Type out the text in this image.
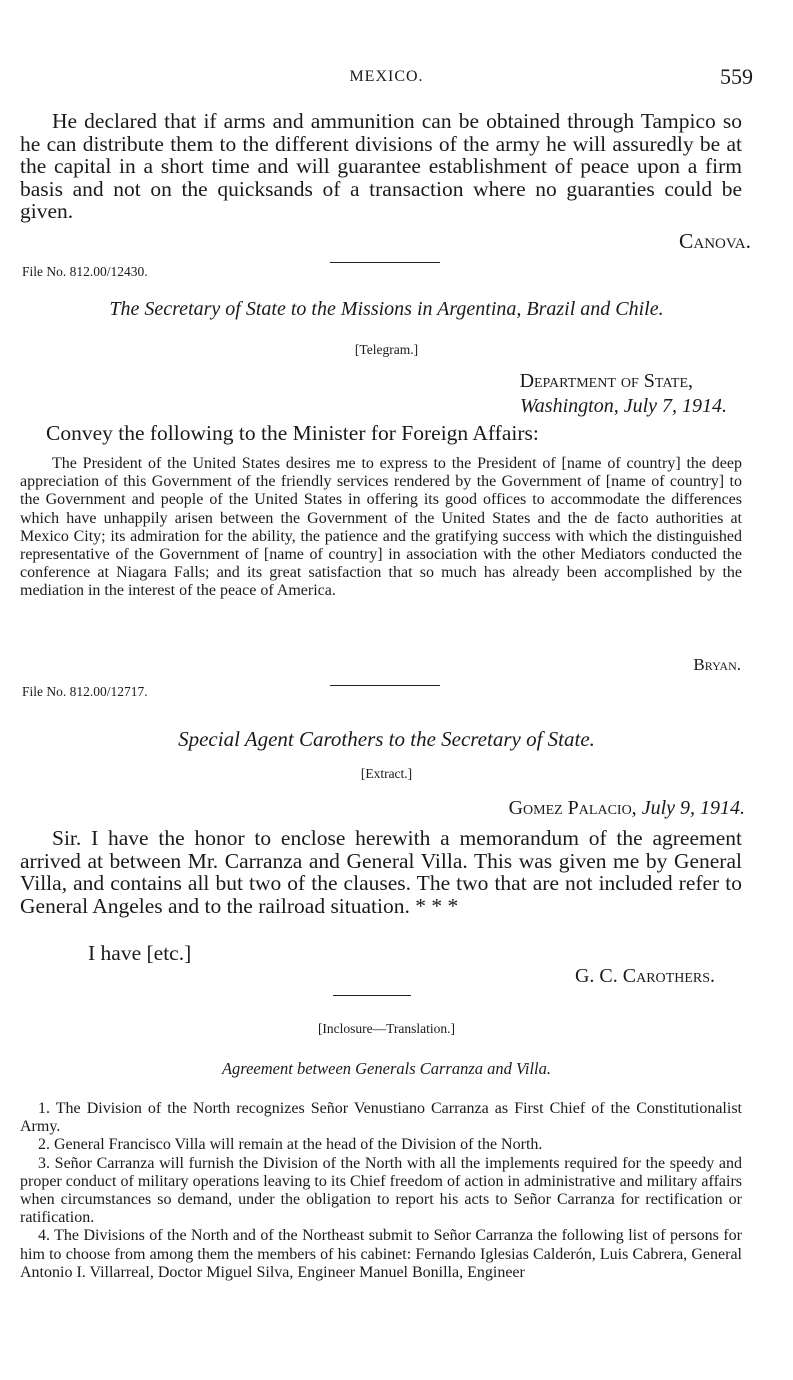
MEXICO.	559

He declared that if arms and ammunition can be obtained through Tampico so he can distribute them to the different divisions of the army he will assuredly be at the capital in a short time and will guarantee establishment of peace upon a firm basis and not on the quicksands of a transaction where no guaranties could be given.

Canova.
File No. 812.00/12430.
The Secretary of State to the Missions in Argentina, Brazil and Chile.
[Telegram.]
Department of State,
Washington, July 7, 1914.
Convey the following to the Minister for Foreign Affairs:

The President of the United States desires me to express to the President of [name of country] the deep appreciation of this Government of the friendly services rendered by the Government of [name of country] to the Government and people of the United States in offering its good offices to accommodate the differences which have unhappily arisen between the Government of the United States and the de facto authorities at Mexico City; its admiration for the ability, the patience and the gratifying success with which the distinguished representative of the Government of [name of country] in association with the other Mediators conducted the conference at Niagara Falls; and its great satisfaction that so much has already been accomplished by the mediation in the interest of the peace of America.

Bryan.
File No. 812.00/12717.
Special Agent Carothers to the Secretary of State.
[Extract.]
Gomez Palacio, July 9, 1914.

Sir. I have the honor to enclose herewith a memorandum of the agreement arrived at between Mr. Carranza and General Villa. This was given me by General Villa, and contains all but two of the clauses. The two that are not included refer to General Angeles and to the railroad situation. * * *

I have [etc.]
G. C. Carothers.
[Inclosure—Translation.]
Agreement between Generals Carranza and Villa.

1. The Division of the North recognizes Señor Venustiano Carranza as First Chief of the Constitutionalist Army.

2. General Francisco Villa will remain at the head of the Division of the North.

3. Señor Carranza will furnish the Division of the North with all the implements required for the speedy and proper conduct of military operations leaving to its Chief freedom of action in administrative and military affairs when circumstances so demand, under the obligation to report his acts to Señor Carranza for rectification or ratification.

4. The Divisions of the North and of the Northeast submit to Señor Carranza the following list of persons for him to choose from among them the members of his cabinet: Fernando Iglesias Calderón, Luis Cabrera, General Antonio I. Villarreal, Doctor Miguel Silva, Engineer Manuel Bonilla, Engineer
